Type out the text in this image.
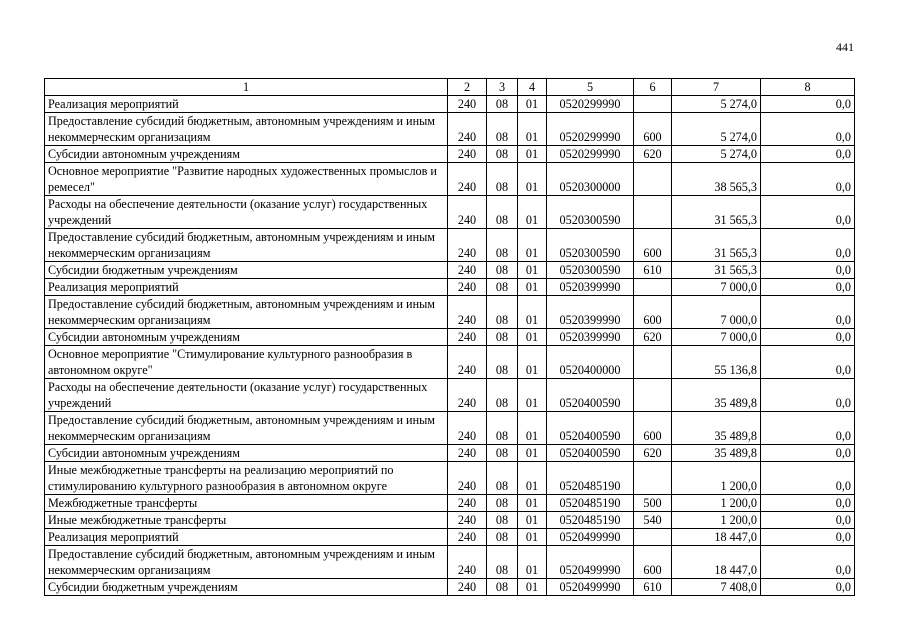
441
1	2	3	4	5	6	7	8
Реализация мероприятий	240	08	01	0520299990		5 274,0	0,0
Предоставление субсидий бюджетным, автономным учреждениям и иным некоммерческим организациям	240	08	01	0520299990	600	5 274,0	0,0
Субсидии автономным учреждениям	240	08	01	0520299990	620	5 274,0	0,0
Основное мероприятие "Развитие народных художественных промыслов и ремесел"	240	08	01	0520300000		38 565,3	0,0
Расходы на обеспечение деятельности (оказание услуг) государственных учреждений	240	08	01	0520300590		31 565,3	0,0
Предоставление субсидий бюджетным, автономным учреждениям и иным некоммерческим организациям	240	08	01	0520300590	600	31 565,3	0,0
Субсидии бюджетным учреждениям	240	08	01	0520300590	610	31 565,3	0,0
Реализация мероприятий	240	08	01	0520399990		7 000,0	0,0
Предоставление субсидий бюджетным, автономным учреждениям и иным некоммерческим организациям	240	08	01	0520399990	600	7 000,0	0,0
Субсидии автономным учреждениям	240	08	01	0520399990	620	7 000,0	0,0
Основное мероприятие "Стимулирование культурного разнообразия в автономном округе"	240	08	01	0520400000		55 136,8	0,0
Расходы на обеспечение деятельности (оказание услуг) государственных учреждений	240	08	01	0520400590		35 489,8	0,0
Предоставление субсидий бюджетным, автономным учреждениям и иным некоммерческим организациям	240	08	01	0520400590	600	35 489,8	0,0
Субсидии автономным учреждениям	240	08	01	0520400590	620	35 489,8	0,0
Иные межбюджетные трансферты на реализацию мероприятий по стимулированию культурного разнообразия в автономном округе	240	08	01	0520485190		1 200,0	0,0
Межбюджетные трансферты	240	08	01	0520485190	500	1 200,0	0,0
Иные межбюджетные трансферты	240	08	01	0520485190	540	1 200,0	0,0
Реализация мероприятий	240	08	01	0520499990		18 447,0	0,0
Предоставление субсидий бюджетным, автономным учреждениям и иным некоммерческим организациям	240	08	01	0520499990	600	18 447,0	0,0
Субсидии бюджетным учреждениям	240	08	01	0520499990	610	7 408,0	0,0
